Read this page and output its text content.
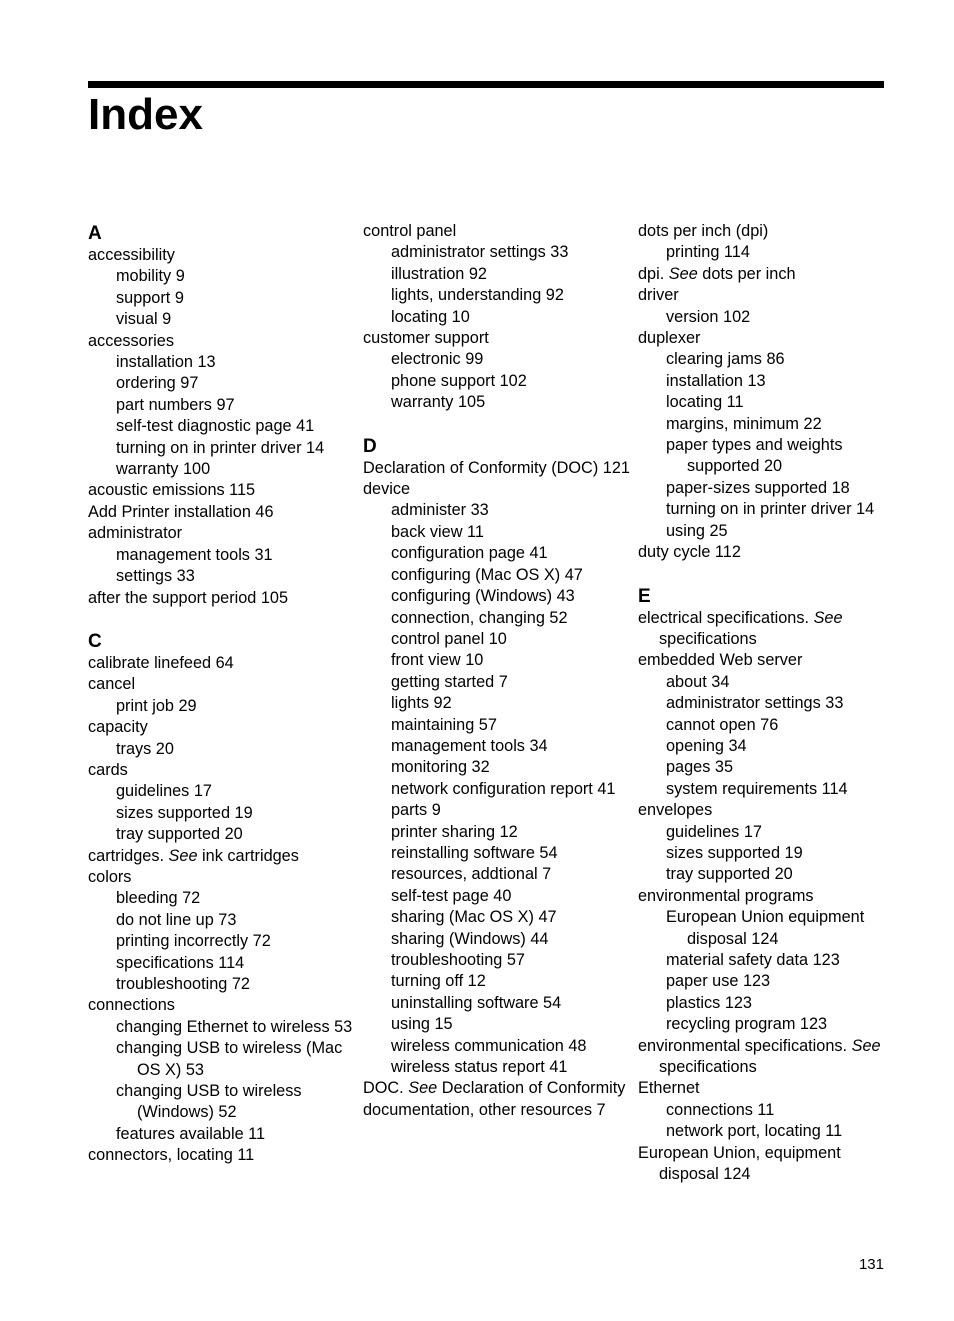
Index
A
accessibility
mobility 9
support 9
visual 9
accessories
installation 13
ordering 97
part numbers 97
self-test diagnostic page 41
turning on in printer driver 14
warranty 100
acoustic emissions 115
Add Printer installation 46
administrator
management tools 31
settings 33
after the support period 105
C
calibrate linefeed 64
cancel
print job 29
capacity
trays 20
cards
guidelines 17
sizes supported 19
tray supported 20
cartridges. See ink cartridges
colors
bleeding 72
do not line up 73
printing incorrectly 72
specifications 114
troubleshooting 72
connections
changing Ethernet to wireless 53
changing USB to wireless (Mac OS X) 53
changing USB to wireless (Windows) 52
features available 11
connectors, locating 11
control panel
administrator settings 33
illustration 92
lights, understanding 92
locating 10
customer support
electronic 99
phone support 102
warranty 105
D
Declaration of Conformity (DOC) 121
device
administer 33
back view 11
configuration page 41
configuring (Mac OS X) 47
configuring (Windows) 43
connection, changing 52
control panel 10
front view 10
getting started 7
lights 92
maintaining 57
management tools 34
monitoring 32
network configuration report 41
parts 9
printer sharing 12
reinstalling software 54
resources, addtional 7
self-test page 40
sharing (Mac OS X) 47
sharing (Windows) 44
troubleshooting 57
turning off 12
uninstalling software 54
using 15
wireless communication 48
wireless status report 41
DOC. See Declaration of Conformity
documentation, other resources 7
dots per inch (dpi)
printing 114
dpi. See dots per inch
driver
version 102
duplexer
clearing jams 86
installation 13
locating 11
margins, minimum 22
paper types and weights supported 20
paper-sizes supported 18
turning on in printer driver 14
using 25
duty cycle 112
E
electrical specifications. See specifications
embedded Web server
about 34
administrator settings 33
cannot open 76
opening 34
pages 35
system requirements 114
envelopes
guidelines 17
sizes supported 19
tray supported 20
environmental programs
European Union equipment disposal 124
material safety data 123
paper use 123
plastics 123
recycling program 123
environmental specifications. See specifications
Ethernet
connections 11
network port, locating 11
European Union, equipment disposal 124
131
